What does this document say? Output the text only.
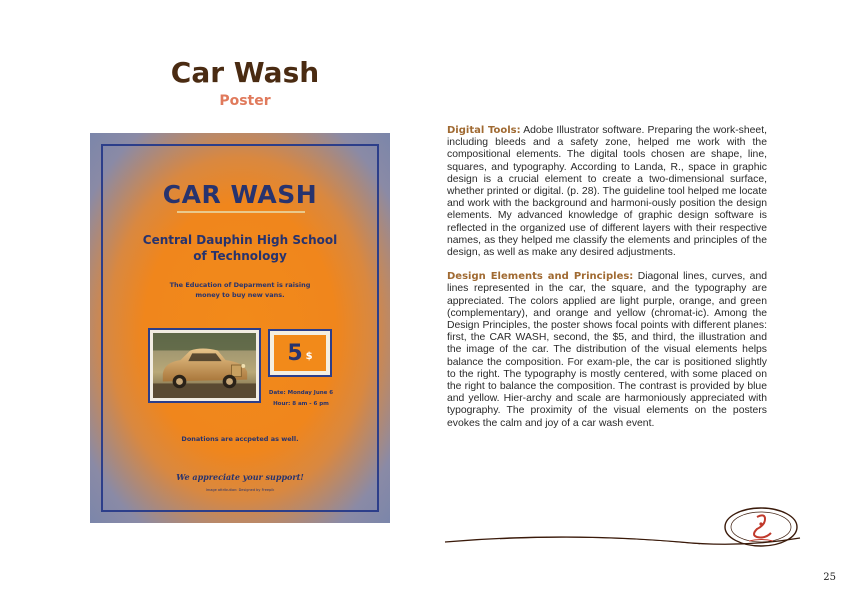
Car Wash
Poster
CAR WASH
Central Dauphin High School
of Technology
The Education of Deparment is raising
money to buy new vans.
5 $
Date: Monday June 6
Hour: 8 am - 6 pm
Donations are accpeted as well.
We appreciate your support!
Image attribution: Designed by Freepik

Digital Tools: Adobe Illustrator software. Preparing the work-sheet, including bleeds and a safety zone, helped me work with the compositional elements. The digital tools chosen are shape, line, squares, and typography. According to Landa, R., space in graphic design is a crucial element to create a two-dimensional surface, whether printed or digital. (p. 28). The guideline tool helped me locate and work with the background and harmoni-ously position the design elements. My advanced knowledge of graphic design software is reflected in the organized use of different layers with their respective names, as they helped me classify the elements and principles of the design, as well as make any desired adjustments.

Design Elements and Principles: Diagonal lines, curves, and lines represented in the car, the square, and the typography are appreciated. The colors applied are light purple, orange, and green (complementary), and orange and yellow (chromat-ic). Among the Design Principles, the poster shows focal points with different planes: first, the CAR WASH, second, the $5, and third, the illustration and the image of the car. The distribution of the visual elements helps balance the composition. For exam-ple, the car is positioned slightly to the right. The typography is mostly centered, with some placed on the right to balance the composition. The contrast is provided by blue and yellow. Hier-archy and scale are harmoniously appreciated with typography. The proximity of the visual elements on the posters evokes the calm and joy of a car wash event.

25
